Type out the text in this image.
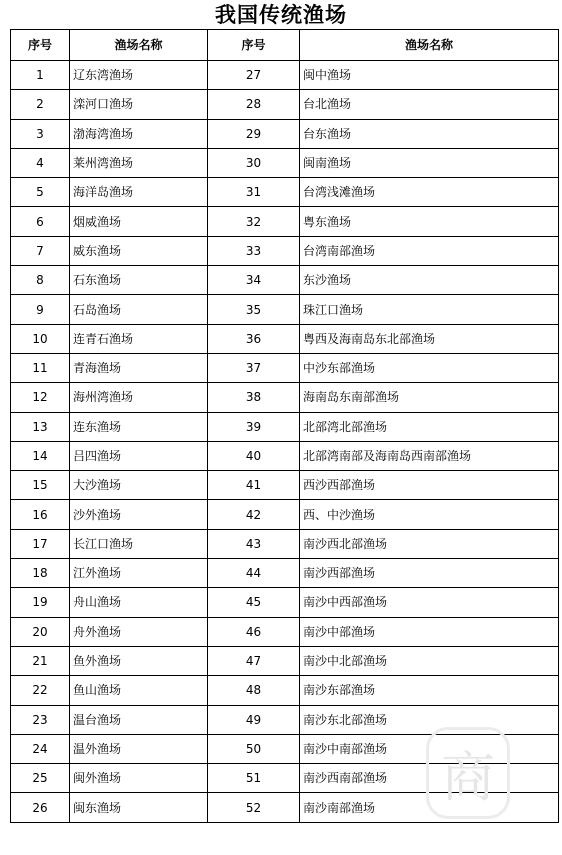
我国传统渔场
序号	渔场名称	序号	渔场名称
1	辽东湾渔场	27	闽中渔场
2	滦河口渔场	28	台北渔场
3	渤海湾渔场	29	台东渔场
4	莱州湾渔场	30	闽南渔场
5	海洋岛渔场	31	台湾浅滩渔场
6	烟威渔场	32	粤东渔场
7	威东渔场	33	台湾南部渔场
8	石东渔场	34	东沙渔场
9	石岛渔场	35	珠江口渔场
10	连青石渔场	36	粤西及海南岛东北部渔场
11	青海渔场	37	中沙东部渔场
12	海州湾渔场	38	海南岛东南部渔场
13	连东渔场	39	北部湾北部渔场
14	吕四渔场	40	北部湾南部及海南岛西南部渔场
15	大沙渔场	41	西沙西部渔场
16	沙外渔场	42	西、中沙渔场
17	长江口渔场	43	南沙西北部渔场
18	江外渔场	44	南沙西部渔场
19	舟山渔场	45	南沙中西部渔场
20	舟外渔场	46	南沙中部渔场
21	鱼外渔场	47	南沙中北部渔场
22	鱼山渔场	48	南沙东部渔场
23	温台渔场	49	南沙东北部渔场
24	温外渔场	50	南沙中南部渔场
25	闽外渔场	51	南沙西南部渔场
26	闽东渔场	52	南沙南部渔场 商
